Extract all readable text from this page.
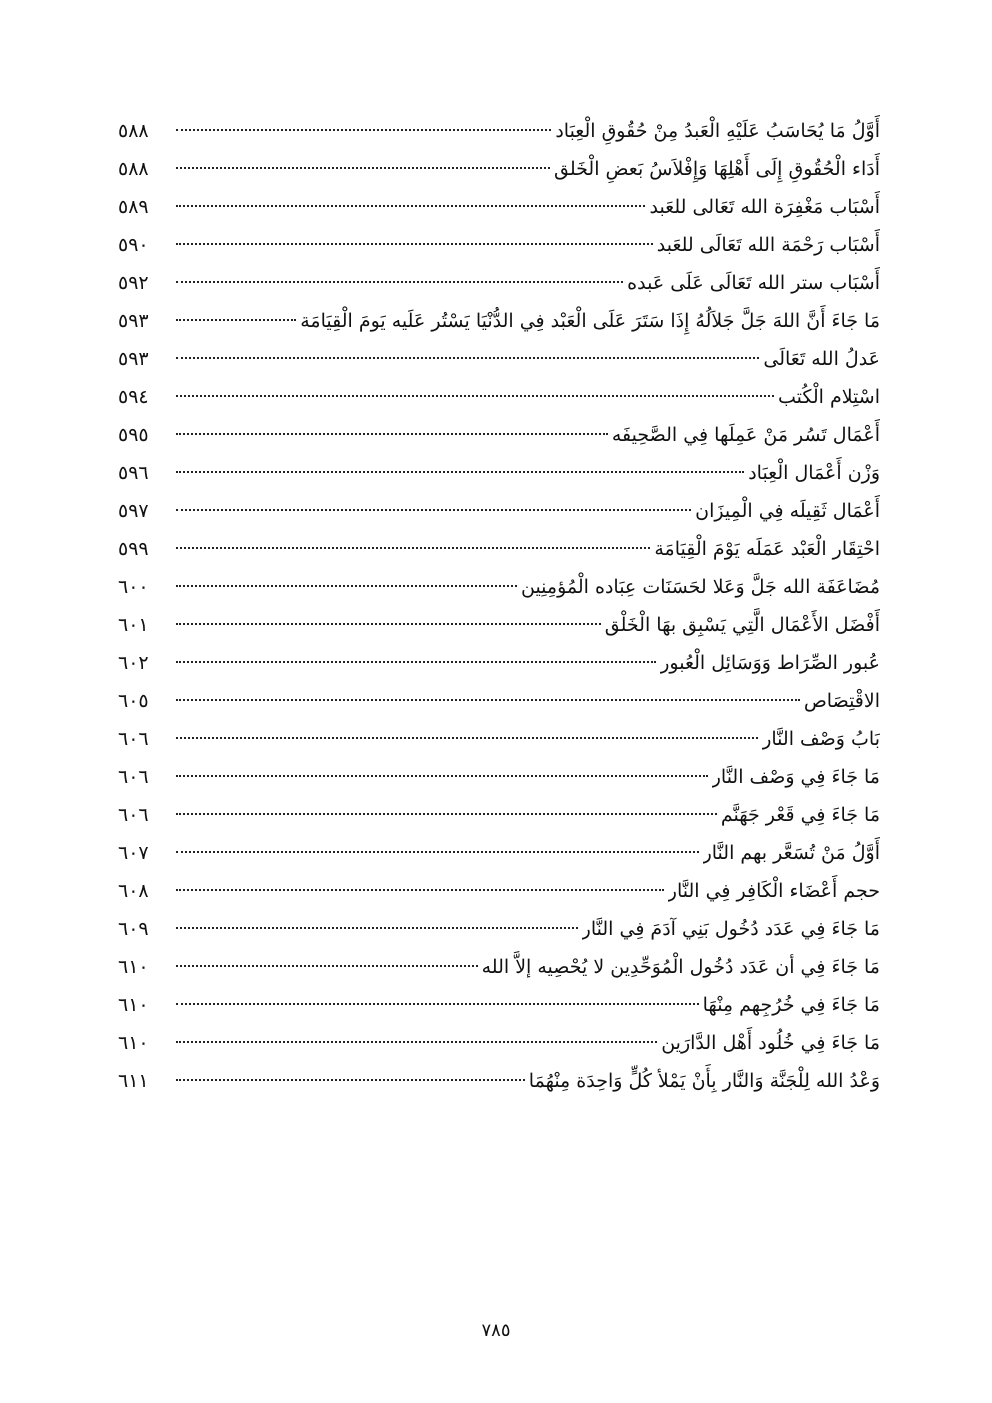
أَوَّلُ مَا يُحَاسَبُ عَلَيْهِ الْعَبدُ مِنْ حُقُوقِ الْعِبَاد
٥٨٨
أَدَاء الْحُقُوقِ إِلَى أَهْلِهَا وَإِفْلاَسُ بَعضِ الْخَلق
٥٨٨
أَسْبَاب مَغْفِرَة الله تَعَالى للعَبد
٥٨٩
أَسْبَاب رَحْمَة الله تَعَالَى للعَبد
٥٩٠
أَسْبَاب ستر الله تَعَالَى عَلَى عَبده
٥٩٢
مَا جَاءَ أَنَّ اللهَ جَلَّ جَلاَلُهُ إِذَا سَتَرَ عَلَى الْعَبْد فِي الدُّنْيَا يَسْتُر عَلَيه يَومَ الْقِيَامَة
٥٩٣
عَدلُ الله تَعَالَى
٥٩٣
اسْتِلام الْكُتب
٥٩٤
أَعْمَال تَسُر مَنْ عَمِلَها فِي الصَّحِيفَه
٥٩٥
وَزْن أَعْمَال الْعِبَاد
٥٩٦
أَعْمَال ثَقِيلَه فِي الْمِيزَان
٥٩٧
احْتِقَار الْعَبْد عَمَلَه يَوْمَ الْقِيَامَة
٥٩٩
مُضَاعَفَة الله جَلَّ وَعَلا لحَسَنَات عِبَاده الْمُؤمِنِين
٦٠٠
أَفْضَل الأَعْمَال الَّتِي يَسْبِق بهَا الْخَلْق
٦٠١
عُبور الصِّرَاط وَوَسَائِل الْعُبور
٦٠٢
الاقْتِصَاص
٦٠٥
بَابُ وَصْف النَّار
٦٠٦
مَا جَاءَ فِي وَصْف النَّار
٦٠٦
مَا جَاءَ فِي قَعْر جَهَنَّم
٦٠٦
أَوَّلُ مَنْ تُسَعَّر بهم النَّار
٦٠٧
حجم أَعْضَاء الْكَافِر فِي النَّار
٦٠٨
مَا جَاءَ فِي عَدَد دُخُول بَنِي آدَمَ فِي النَّار
٦٠٩
مَا جَاءَ فِي أن عَدَد دُخُول الْمُوَحِّدِين لا يُحْصِيه إلاَّ الله
٦١٠
مَا جَاءَ فِي خُرُجِهم مِنْهَا
٦١٠
مَا جَاءَ فِي خُلُود أَهْل الدَّارَين
٦١٠
وَعْدُ الله لِلْجَنَّة وَالنَّار بِأَنْ يَمْلأ كُلٍّ وَاحِدَة مِنْهُمَا
٦١١
٧٨٥
